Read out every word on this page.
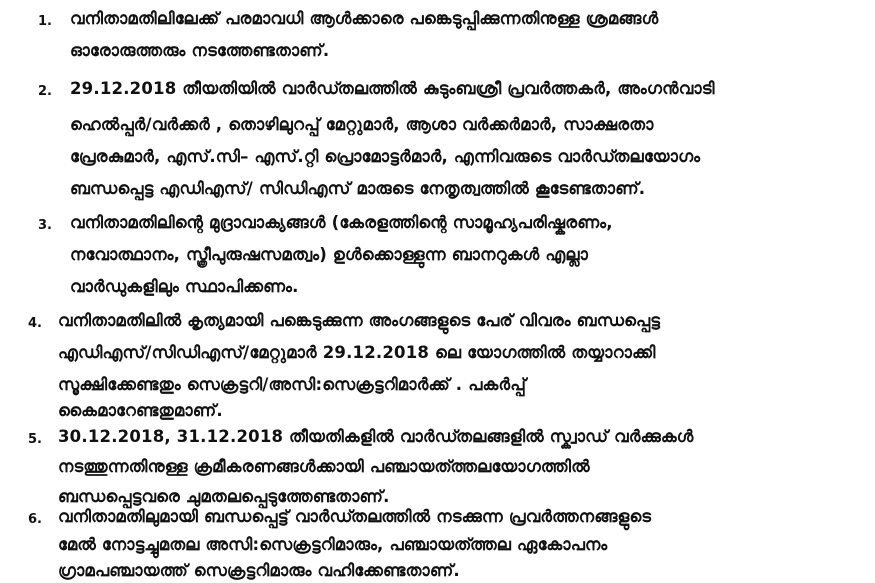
1. വനിതാമതിലിലേക്ക് പരമാവധി ആൾക്കാരെ പങ്കെടുപ്പിക്കുന്നതിനുള്ള ശ്രമങ്ങൾ
ഓരോരുത്തരും നടത്തേണ്ടതാണ്.
2. 29.12.2018 തീയതിയിൽ വാർഡ്തലത്തിൽ കുടുംബശ്രീ പ്രവർത്തകർ, അംഗൻവാടി
ഹെൽപ്പർ/വർക്കർ , തൊഴിലുറപ്പ് മേറ്റുമാർ, ആശാ വർക്കർമാർ, സാക്ഷരതാ
പ്രേരകുമാർ, എസ്.സി– എസ്.റ്റി പ്രൊമോട്ടർമാർ, എന്നിവരുടെ വാർഡ്തലയോഗം
ബന്ധപ്പെട്ട എഡിഎസ്/ സിഡിഎസ് മാരുടെ നേതൃത്വത്തിൽ കൂടേണ്ടതാണ്.
3. വനിതാമതിലിന്റെ മുദ്രാവാക്യങ്ങൾ (കേരളത്തിന്റെ സാമൂഹ്യപരിഷ്കരണം,
നവോത്ഥാനം, സ്ത്രീപുരുഷസമത്വം) ഉൾക്കൊള്ളുന്ന ബാനറുകൾ എല്ലാ
വാർഡുകളിലും സ്ഥാപിക്കണം.
4. വനിതാമതിലിൽ കൃത്യമായി പങ്കെടുക്കുന്ന അംഗങ്ങളുടെ പേര് വിവരം ബന്ധപ്പെട്ട
എഡിഎസ്/സിഡിഎസ്/മേറ്റുമാർ 29.12.2018 ലെ യോഗത്തിൽ തയ്യാറാക്കി
സൂക്ഷിക്കേണ്ടതും സെക്രട്ടറി/അസി:സെക്രട്ടറിമാർക്ക് . പകർപ്പ്
കൈമാറേണ്ടതുമാണ്.
5. 30.12.2018, 31.12.2018 തീയതികളിൽ വാർഡ്തലങ്ങളിൽ സ്ക്വാഡ് വർക്കുകൾ
നടത്തുന്നതിനുള്ള ക്രമീകരണങ്ങൾക്കായി പഞ്ചായത്ത്തലയോഗത്തിൽ
ബന്ധപ്പെട്ടവരെ ചുമതലപ്പെടുത്തേണ്ടതാണ്.
6. വനിതാമതിലുമായി ബന്ധപ്പെട്ട് വാർഡ്തലത്തിൽ നടക്കുന്ന പ്രവർത്തനങ്ങളുടെ
മേൽ നോട്ടച്ചുമതല അസി:സെക്രട്ടറിമാരും, പഞ്ചായത്ത്തല ഏകോപനം
ഗ്രാമപഞ്ചായത്ത് സെക്രട്ടറിമാരും വഹിക്കേണ്ടതാണ്.
